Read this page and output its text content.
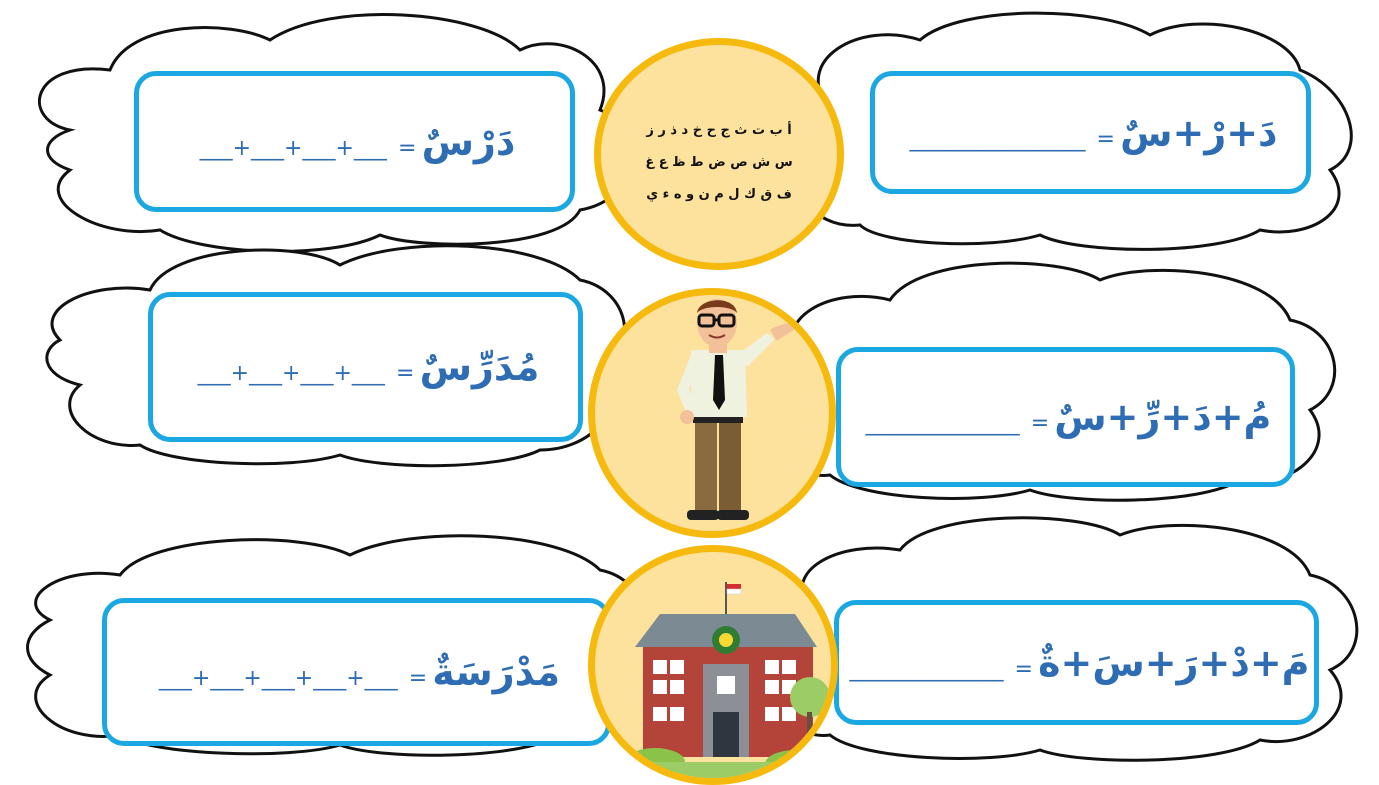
دَرْسٌ = ___+___+___+___	دَ+رْ+سٌ = ________________
أ ب ت ث ج ح خ د ذ ر ز
س ش ص ض ط ظ ع غ
ف ق ك ل م ن و ه ء ي
مُدَرِّسٌ = ___+___+___+___
مُ+دَ+رِّ+سٌ = ______________
مَدْرَسَةٌ = ___+___+___+___+___	مَ+دْ+رَ+سَ+ةٌ = ______________
